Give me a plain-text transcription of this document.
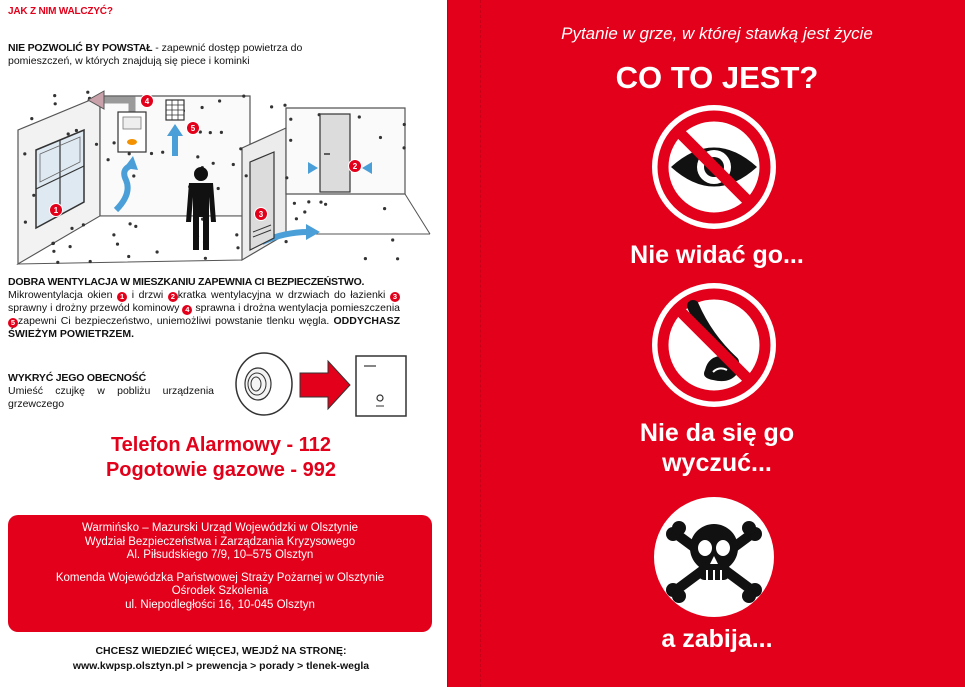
JAK Z NIM WALCZYĆ?
NIE POZWOLIĆ BY POWSTAŁ - zapewnić dostęp powietrza do pomieszczeń, w których znajdują się piece i kominki
1
2
3
4
5
DOBRA WENTYLACJA W MIESZKANIU ZAPEWNIA CI BEZPIECZEŃSTWO.
Mikrowentylacja okien 1 i drzwi 2 kratka wentylacyjna w drzwiach do łazienki 3 sprawny i drożny przewód kominowy 4 sprawna i drożna wentylacja pomieszczenia 5 zapewni Ci bezpieczeństwo, uniemożliwi powstanie tlenku węgla. ODDYCHASZ ŚWIEŻYM POWIETRZEM.
WYKRYĆ JEGO OBECNOŚĆ
Umieść czujkę w pobliżu urządzenia grzewczego
Telefon Alarmowy - 112
Pogotowie gazowe - 992
Warmińsko – Mazurski Urząd Wojewódzki w Olsztynie
Wydział Bezpieczeństwa i Zarządzania Kryzysowego
Al. Piłsudskiego 7/9, 10–575 Olsztyn
Komenda Wojewódzka Państwowej Straży Pożarnej w Olsztynie
Ośrodek Szkolenia
ul. Niepodległości 16, 10-045 Olsztyn
CHCESZ WIEDZIEĆ WIĘCEJ, WEJDŹ NA STRONĘ:
www.kwpsp.olsztyn.pl > prewencja > porady > tlenek-wegla
Pytanie w grze, w której stawką jest życie
CO TO JEST?
Nie widać go...
Nie da się go
wyczuć...
a zabija...
